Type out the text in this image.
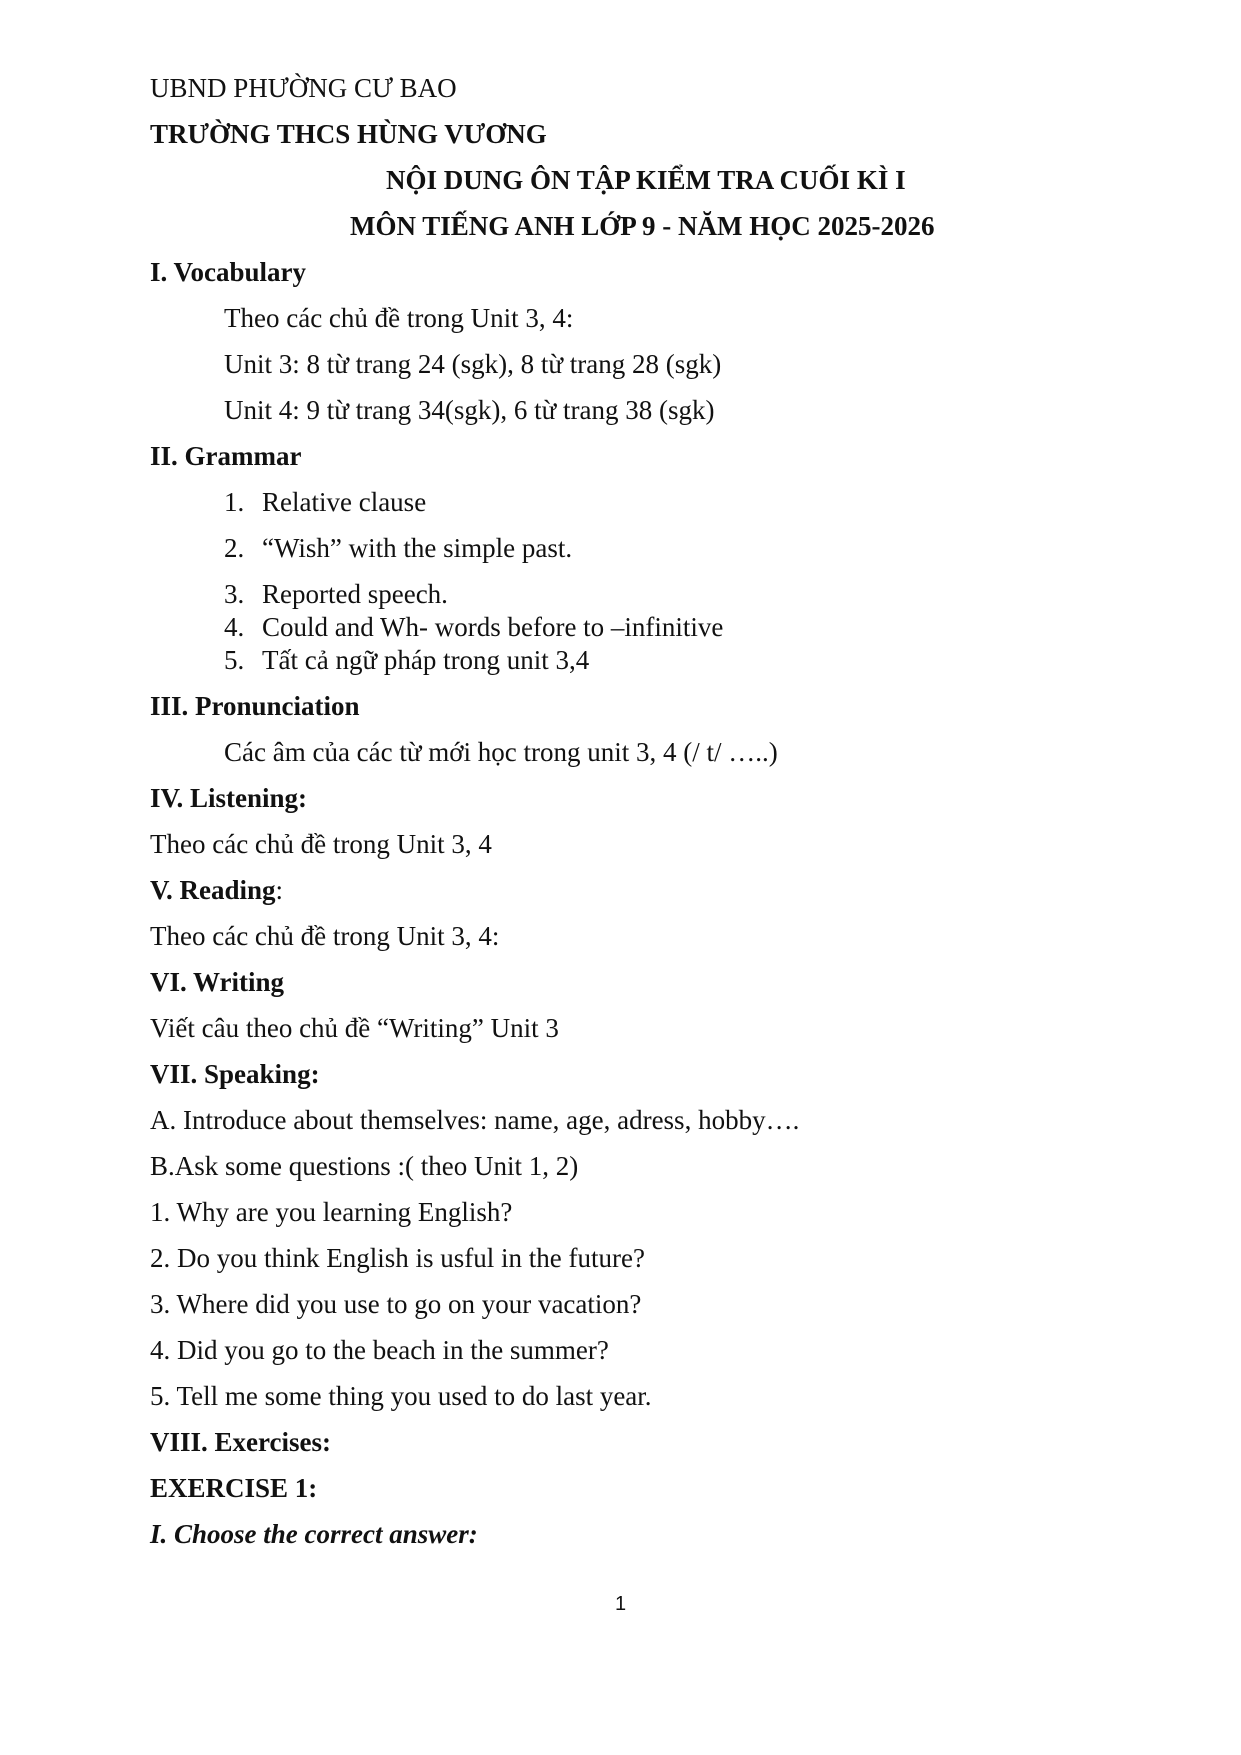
UBND PHƯỜNG CƯ BAO
TRƯỜNG THCS HÙNG VƯƠNG
NỘI DUNG ÔN TẬP KIỂM TRA CUỐI KÌ I
MÔN TIẾNG ANH LỚP 9 - NĂM HỌC 2025-2026
I. Vocabulary
Theo các chủ đề trong Unit 3, 4:
Unit 3: 8 từ trang 24 (sgk), 8 từ trang 28 (sgk)
Unit 4: 9 từ trang 34(sgk), 6 từ trang 38 (sgk)
II. Grammar
1. Relative clause
2. “Wish” with the simple past.
3. Reported speech.
4. Could and Wh- words before to –infinitive
5. Tất cả ngữ pháp trong unit 3,4
III. Pronunciation
Các âm của các từ mới học trong unit 3, 4 (/ t/ …..)
IV. Listening:
Theo các chủ đề trong Unit 3, 4
V. Reading:
Theo các chủ đề trong Unit 3, 4:
VI. Writing
Viết câu theo chủ đề “Writing” Unit 3
VII. Speaking:
A. Introduce about themselves: name, age, adress, hobby….
B.Ask some questions :( theo Unit 1, 2)
1. Why are you learning English?
2. Do you think English is usful in the future?
3. Where did you use to go on your vacation?
4. Did you go to the beach in the summer?
5. Tell me some thing you used to do last year.
VIII. Exercises:
EXERCISE 1:
I. Choose the correct answer:
1
